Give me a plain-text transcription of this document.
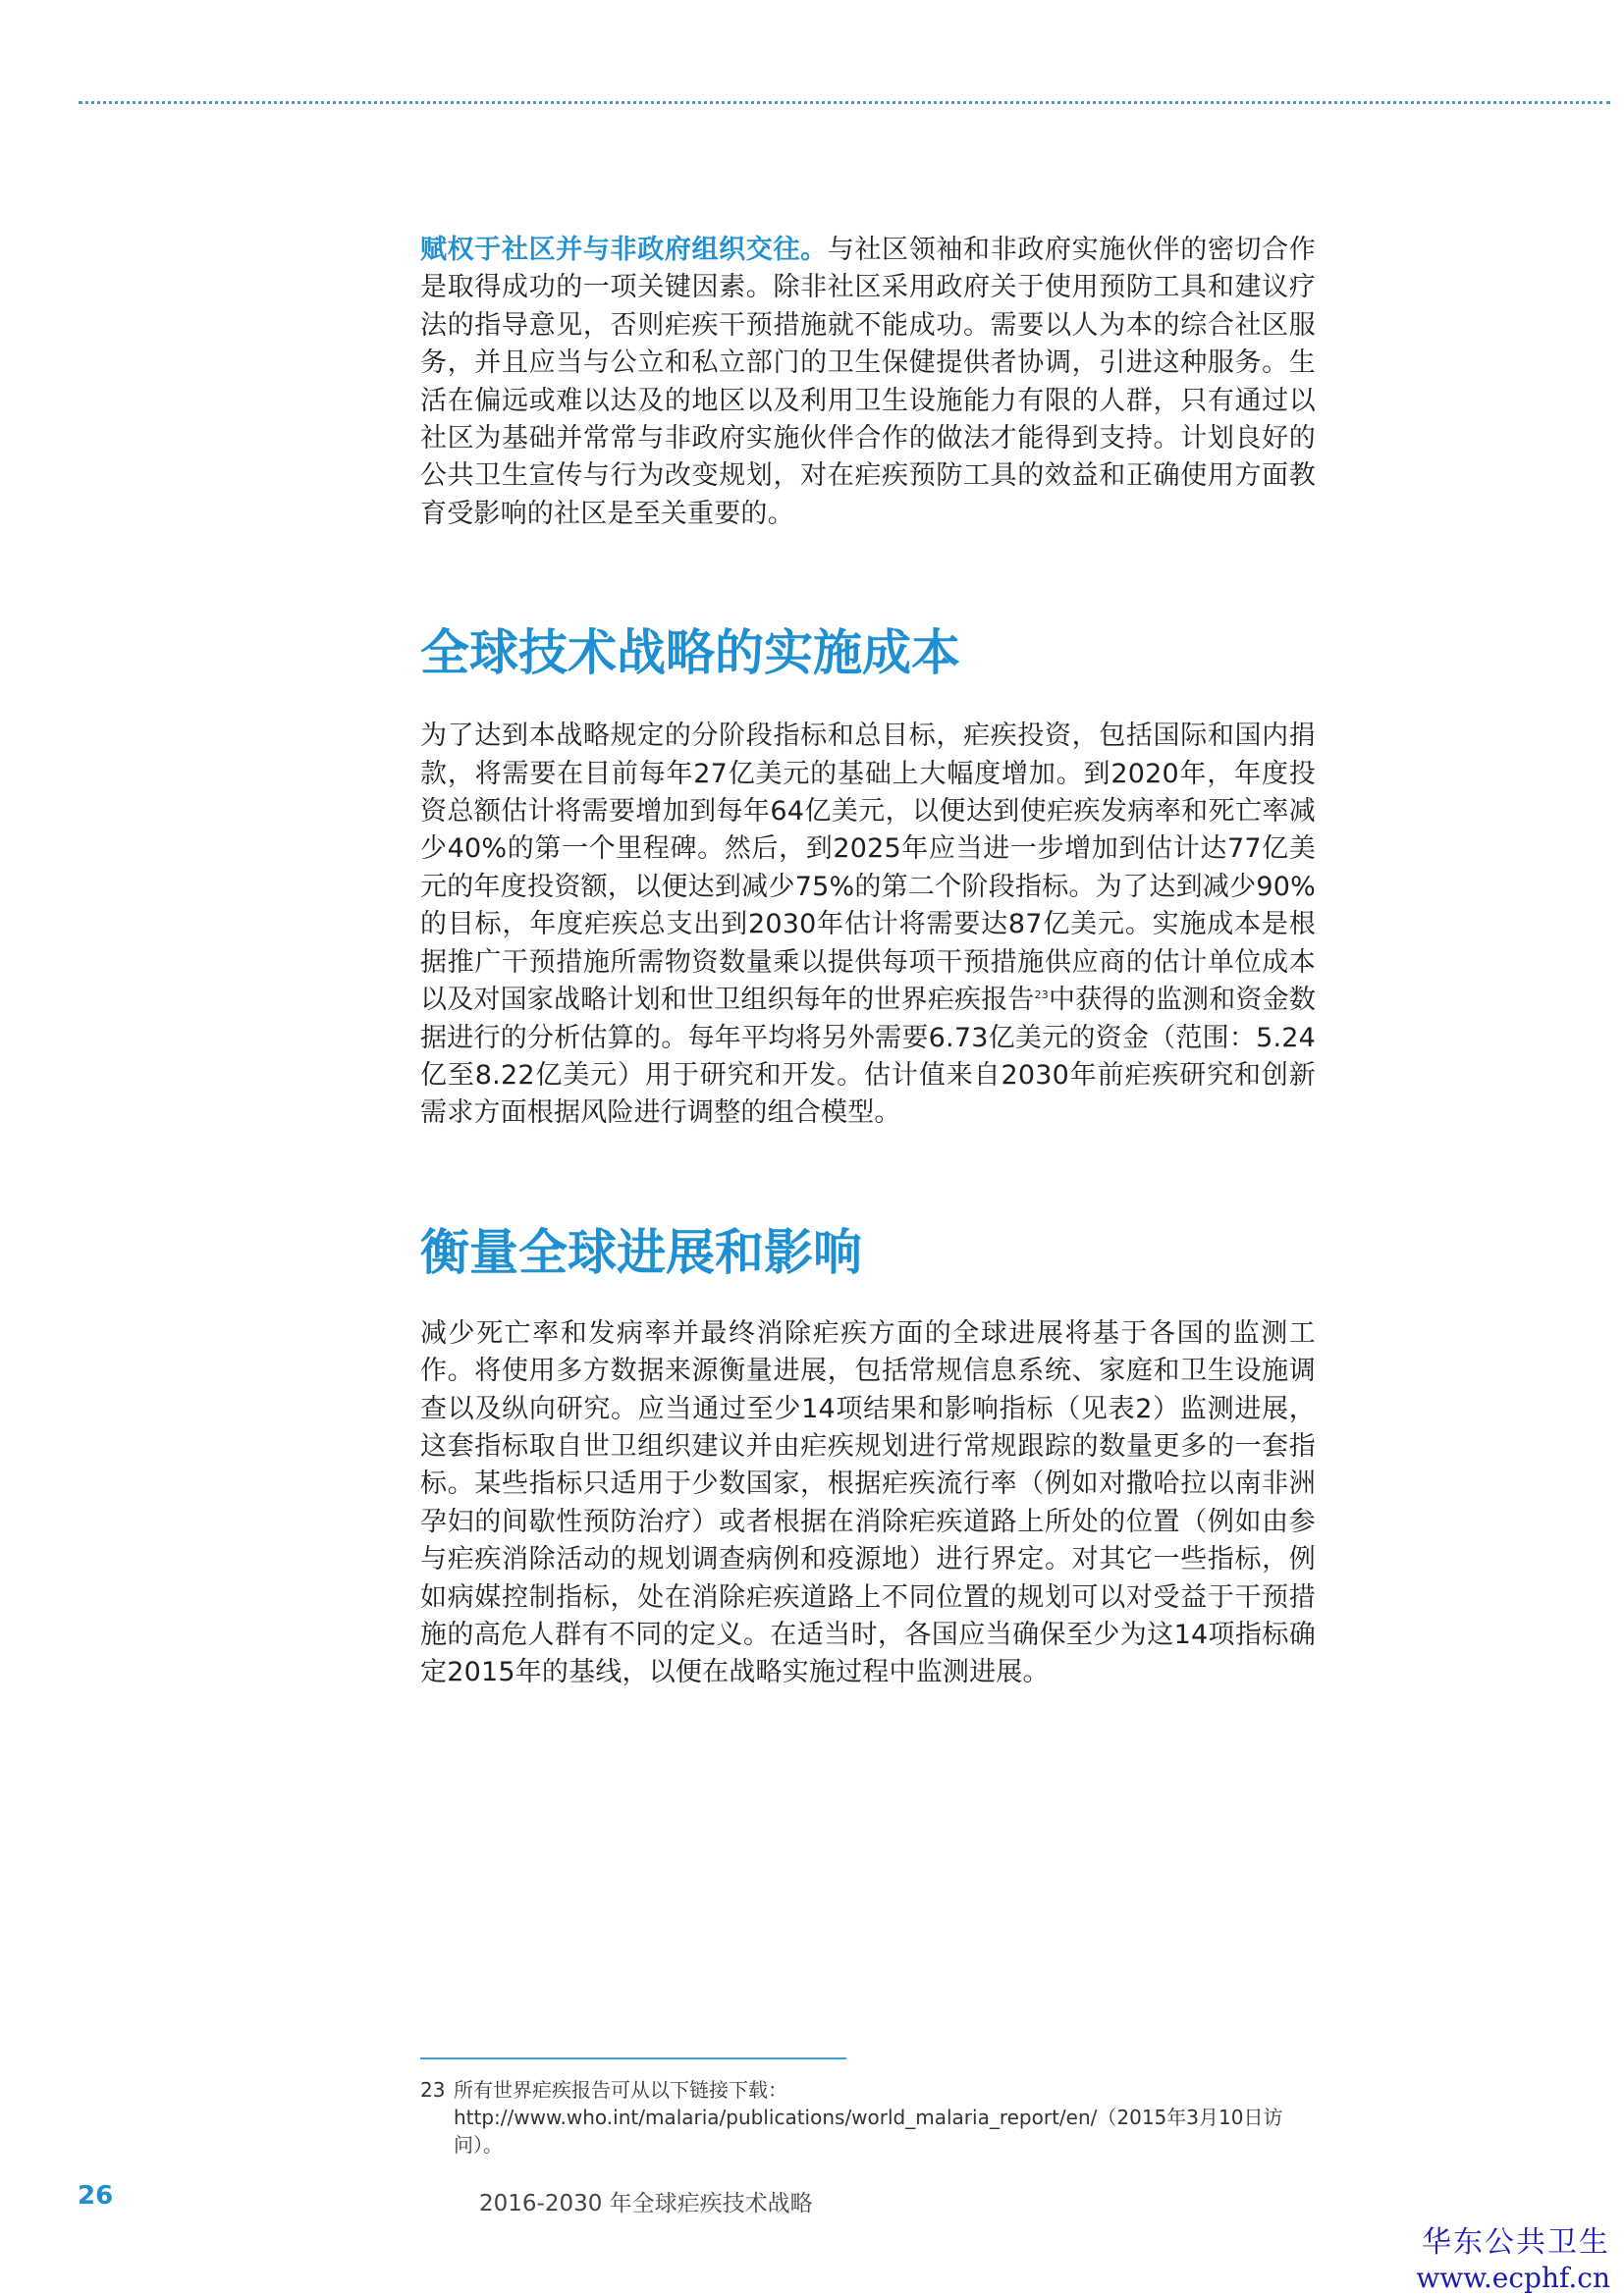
赋权于社区并与非政府组织交往。与社区领袖和非政府实施伙伴的密切合作是取得成功的一项关键因素。除非社区采用政府关于使用预防工具和建议疗法的指导意见，否则疟疾干预措施就不能成功。需要以人为本的综合社区服务，并且应当与公立和私立部门的卫生保健提供者协调，引进这种服务。生活在偏远或难以达及的地区以及利用卫生设施能力有限的人群，只有通过以社区为基础并常常与非政府实施伙伴合作的做法才能得到支持。计划良好的公共卫生宣传与行为改变规划，对在疟疾预防工具的效益和正确使用方面教育受影响的社区是至关重要的。

全球技术战略的实施成本

为了达到本战略规定的分阶段指标和总目标，疟疾投资，包括国际和国内捐款，将需要在目前每年27亿美元的基础上大幅度增加。到2020年，年度投资总额估计将需要增加到每年64亿美元，以便达到使疟疾发病率和死亡率减少40%的第一个里程碑。然后，到2025年应当进一步增加到估计达77亿美元的年度投资额，以便达到减少75%的第二个阶段指标。为了达到减少90%的目标，年度疟疾总支出到2030年估计将需要达87亿美元。实施成本是根据推广干预措施所需物资数量乘以提供每项干预措施供应商的估计单位成本以及对国家战略计划和世卫组织每年的世界疟疾报告$^{23}$中获得的监测和资金数据进行的分析估算的。每年平均将另外需要6.73亿美元的资金（范围：5.24亿至8.22亿美元）用于研究和开发。估计值来自2030年前疟疾研究和创新需求方面根据风险进行调整的组合模型。

衡量全球进展和影响

减少死亡率和发病率并最终消除疟疾方面的全球进展将基于各国的监测工作。将使用多方数据来源衡量进展，包括常规信息系统、家庭和卫生设施调查以及纵向研究。应当通过至少14项结果和影响指标（见表2）监测进展，这套指标取自世卫组织建议并由疟疾规划进行常规跟踪的数量更多的一套指标。某些指标只适用于少数国家，根据疟疾流行率（例如对撒哈拉以南非洲孕妇的间歇性预防治疗）或者根据在消除疟疾道路上所处的位置（例如由参与疟疾消除活动的规划调查病例和疫源地）进行界定。对其它一些指标，例如病媒控制指标，处在消除疟疾道路上不同位置的规划可以对受益于干预措施的高危人群有不同的定义。在适当时，各国应当确保至少为这14项指标确定2015年的基线，以便在战略实施过程中监测进展。

23 所有世界疟疾报告可从以下链接下载：
http://www.who.int/malaria/publications/world_malaria_report/en/（2015年3月10日访问）。
26	2016-2030 年全球疟疾技术战略
华东公共卫生
www.ecphf.cn
